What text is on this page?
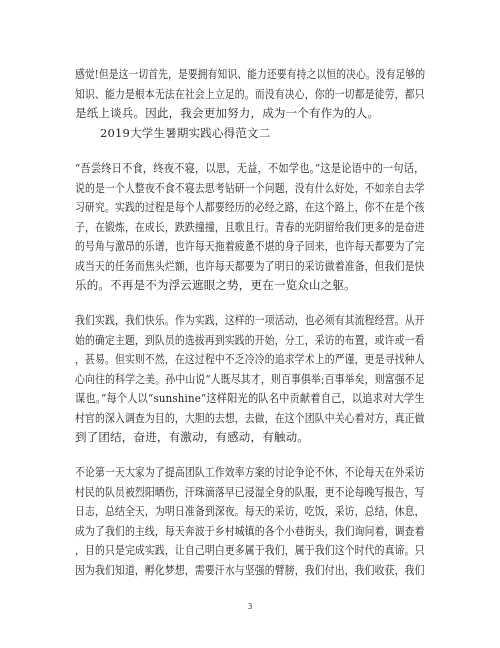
感觉!但是这一切首先，是要拥有知识、能力还要有持之以恒的决心。没有足够的
知识、能力是根本无法在社会上立足的。而没有决心，你的一切都是徒劳，都只
是纸上谈兵。因此，我会更加努力，成为一个有作为的人。
2019大学生暑期实践心得范文二
“吾尝终日不食，终夜不寝，以思，无益，不如学也。”这是论语中的一句话，
说的是一个人整夜不食不寝去思考钻研一个问题，没有什么好处，不如亲自去学
习研究。实践的过程是每个人都要经历的必经之路，在这个路上，你不在是个孩
子，在锻炼，在成长，跌跌撞撞，且歌且行。青春的光阴留给我们更多的是奋进
的号角与激昂的乐谱，也许每天拖着疲惫不堪的身子回来，也许每天都要为了完
成当天的任务而焦头烂额，也许每天都要为了明日的采访做着准备，但我们是快
乐的。不再是不为浮云遮眼之势，更在一览众山之躯。
我们实践，我们快乐。作为实践，这样的一项活动，也必须有其流程经营。从开
始的确定主题，到队员的选拔再到实践的开始，分工，采访的布置，或许或一看
，甚易。但实则不然，在这过程中不乏冷冷的追求学术上的严谨，更是寻找种人
心向往的科学之美。孙中山说“人既尽其才，则百事俱举;百事举矣，则富强不足
谋也。”每个人以“sunshine”这样阳光的队名中贡献着自己，以追求对大学生
村官的深入调查为目的，大胆的去想，去做，在这个团队中关心着对方，真正做
到了团结，奋进，有激动，有感动，有触动。
不论第一天大家为了提高团队工作效率方案的讨论争论不休，不论每天在外采访
村民的队员被烈阳晒伤，汗珠滴落早已浸湿全身的队服，更不论每晚写报告，写
日志，总结全天，为明日准备到深夜。每天的采访，吃饭，采访，总结，休息，
成为了我们的主线，每天奔波于乡村城镇的各个小巷街头，我们询问着，调查着
，目的只是完成实践，让自己明白更多属于我们，属于我们这个时代的真谛。只
因为我们知道，孵化梦想，需要汗水与坚强的臂膀，我们付出，我们收获，我们
3
